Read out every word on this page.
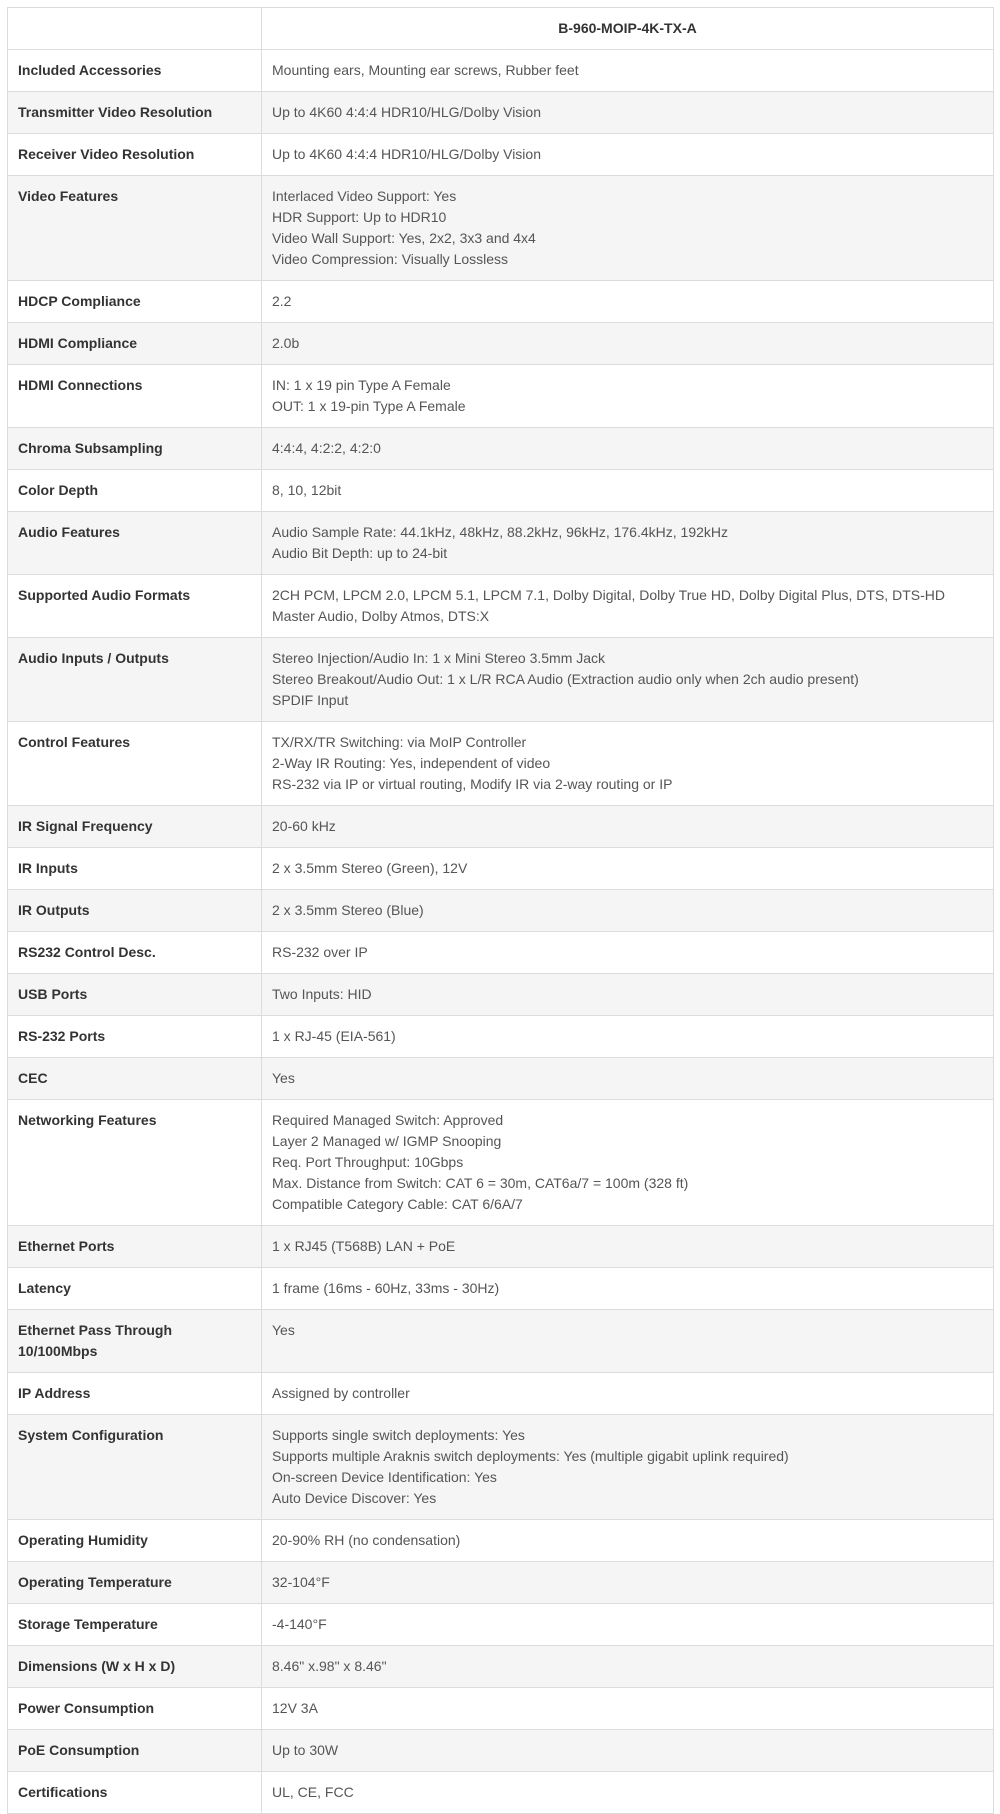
	B-960-MOIP-4K-TX-A
Included Accessories	Mounting ears, Mounting ear screws, Rubber feet

Transmitter Video Resolution	Up to 4K60 4:4:4 HDR10/HLG/Dolby Vision

Receiver Video Resolution	Up to 4K60 4:4:4 HDR10/HLG/Dolby Vision

Video Features	Interlaced Video Support: Yes
HDR Support: Up to HDR10
Video Wall Support: Yes, 2x2, 3x3 and 4x4
Video Compression: Visually Lossless

HDCP Compliance	2.2

HDMI Compliance	2.0b

HDMI Connections	IN: 1 x 19 pin Type A Female
OUT: 1 x 19-pin Type A Female

Chroma Subsampling	4:4:4, 4:2:2, 4:2:0

Color Depth	8, 10, 12bit

Audio Features	Audio Sample Rate: 44.1kHz, 48kHz, 88.2kHz, 96kHz, 176.4kHz, 192kHz
Audio Bit Depth: up to 24-bit

Supported Audio Formats	2CH PCM, LPCM 2.0, LPCM 5.1, LPCM 7.1, Dolby Digital, Dolby True HD, Dolby Digital Plus, DTS, DTS-HD Master Audio, Dolby Atmos, DTS:X

Audio Inputs / Outputs	Stereo Injection/Audio In: 1 x Mini Stereo 3.5mm Jack
Stereo Breakout/Audio Out: 1 x L/R RCA Audio (Extraction audio only when 2ch audio present)
SPDIF Input

Control Features	TX/RX/TR Switching: via MoIP Controller
2-Way IR Routing: Yes, independent of video
RS-232 via IP or virtual routing, Modify IR via 2-way routing or IP

IR Signal Frequency	20-60 kHz

IR Inputs	2 x 3.5mm Stereo (Green), 12V

IR Outputs	2 x 3.5mm Stereo (Blue)

RS232 Control Desc.	RS-232 over IP

USB Ports	Two Inputs: HID

RS-232 Ports	1 x RJ-45 (EIA-561)

CEC	Yes

Networking Features	Required Managed Switch: Approved
Layer 2 Managed w/ IGMP Snooping
Req. Port Throughput: 10Gbps
Max. Distance from Switch: CAT 6 = 30m, CAT6a/7 = 100m (328 ft)
Compatible Category Cable: CAT 6/6A/7

Ethernet Ports	1 x RJ45 (T568B) LAN + PoE

Latency	1 frame (16ms - 60Hz, 33ms - 30Hz)

Ethernet Pass Through 10/100Mbps	Yes

IP Address	Assigned by controller

System Configuration	Supports single switch deployments: Yes
Supports multiple Araknis switch deployments: Yes (multiple gigabit uplink required)
On-screen Device Identification: Yes
Auto Device Discover: Yes

Operating Humidity	20-90% RH (no condensation)

Operating Temperature	32-104°F

Storage Temperature	-4-140°F

Dimensions (W x H x D)	8.46" x.98" x 8.46"

Power Consumption	12V 3A

PoE Consumption	Up to 30W

Certifications	UL, CE, FCC
